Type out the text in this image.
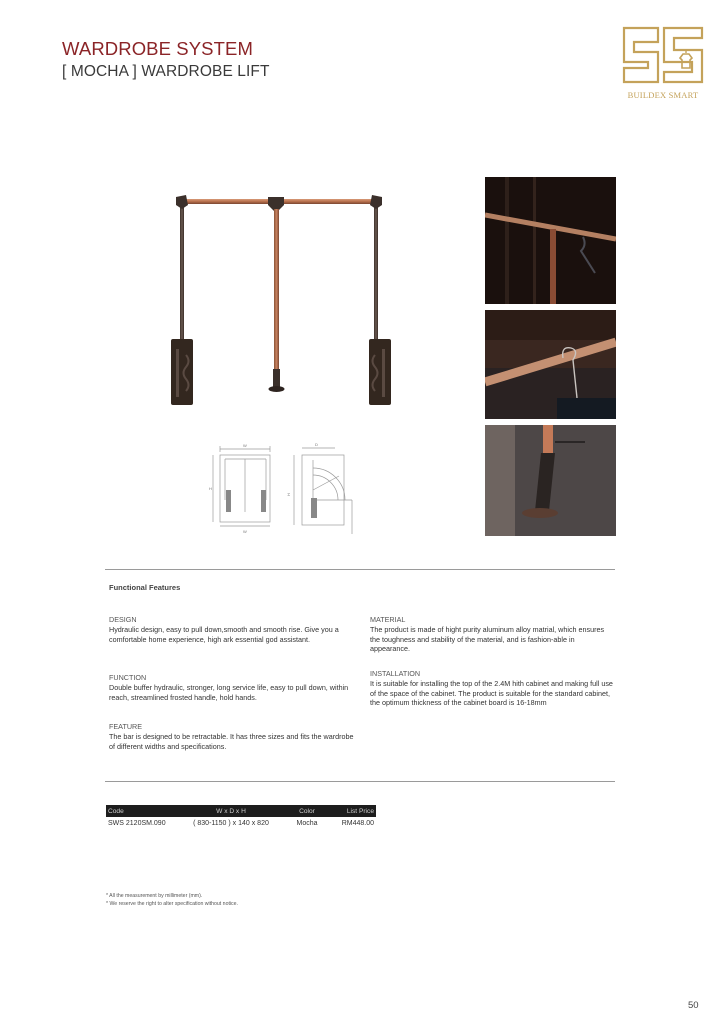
WARDROBE SYSTEM
[ MOCHA ] WARDROBE LIFT
BUILDEX SMART
W
H
W
D
H
Functional Features
DESIGN
Hydraulic design, easy to pull down,smooth and smooth rise. Give you a comfortable home experience, high ark essential god assistant.
FUNCTION
Double buffer hydraulic, stronger, long service life, easy to pull down, within reach, streamlined frosted handle, hold hands.
FEATURE
The bar is designed to be retractable. It has three sizes and fits the wardrobe of different widths and specifications.
MATERIAL
The product is made of hight purity aluminum alloy matrial, which ensures the toughness and stability of the material, and is fashion-able in appearance.
INSTALLATION
It is suitable for installing the top of the 2.4M hith cabinet and making full use of the space of the cabinet. The product is suitable for the standard cabinet, the optimum thickness of the cabinet board is 16-18mm
Code	W x D x H	Color	List Price
SWS 2120SM.090	( 830-1150 ) x 140 x 820	Mocha	RM448.00
* All the measurement by millimeter (mm).
* We reserve the right to alter specification without notice.
50
